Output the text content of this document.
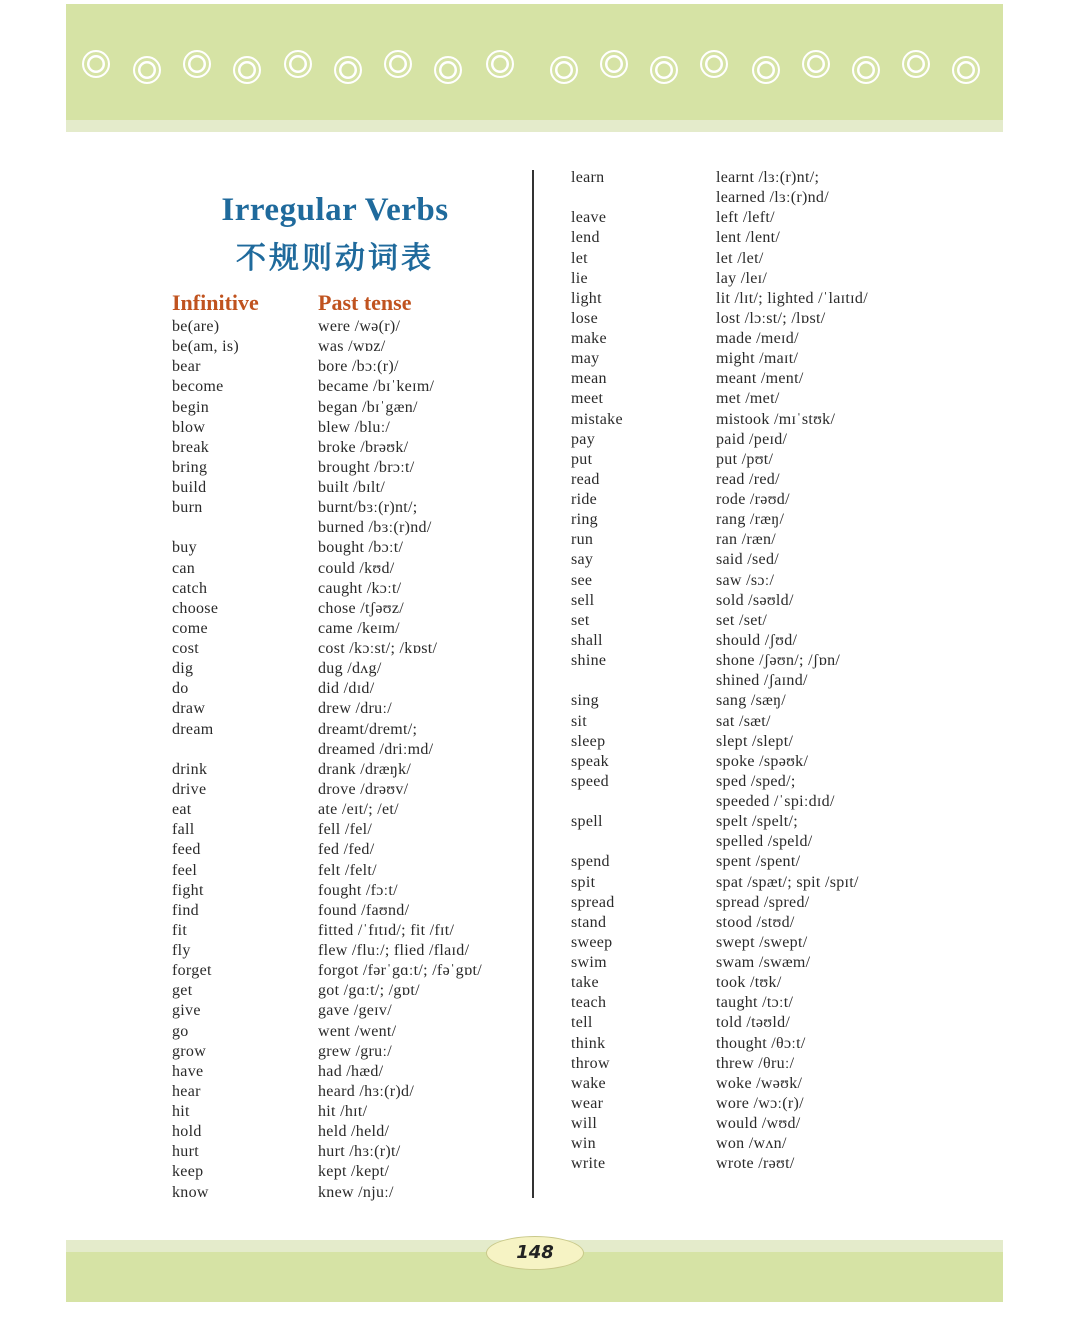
Irregular Verbs
不规则动词表
Infinitive	Past tense
be(are)	were /wə(r)/
be(am, is)	was /wɒz/
bear	bore /bɔː(r)/
become	became /bɪˈkeɪm/
begin	began /bɪˈgæn/
blow	blew /bluː/
break	broke /brəʊk/
bring	brought /brɔːt/
build	built /bɪlt/
burn	burnt/bɜː(r)nt/;
burned /bɜː(r)nd/
buy	bought /bɔːt/
can	could /kʊd/
catch	caught /kɔːt/
choose	chose /tʃəʊz/
come	came /keɪm/
cost	cost /kɔːst/; /kɒst/
dig	dug /dʌg/
do	did /dɪd/
draw	drew /druː/
dream	dreamt/dremt/;
dreamed /driːmd/
drink	drank /dræŋk/
drive	drove /drəʊv/
eat	ate /eɪt/; /et/
fall	fell /fel/
feed	fed /fed/
feel	felt /felt/
fight	fought /fɔːt/
find	found /faʊnd/
fit	fitted /ˈfɪtɪd/; fit /fɪt/
fly	flew /fluː/; flied /flaɪd/
forget	forgot /fərˈgɑːt/; /fəˈgɒt/
get	got /gɑːt/; /gɒt/
give	gave /geɪv/
go	went /went/
grow	grew /gruː/
have	had /hæd/
hear	heard /hɜː(r)d/
hit	hit /hɪt/
hold	held /held/
hurt	hurt /hɜː(r)t/
keep	kept /kept/
know	knew /njuː/
learn	learnt /lɜː(r)nt/;
learned /lɜː(r)nd/
leave	left /left/
lend	lent /lent/
let	let /let/
lie	lay /leɪ/
light	lit /lɪt/; lighted /ˈlaɪtɪd/
lose	lost /lɔːst/; /lɒst/
make	made /meɪd/
may	might /maɪt/
mean	meant /ment/
meet	met /met/
mistake	mistook /mɪˈstʊk/
pay	paid /peɪd/
put	put /pʊt/
read	read /red/
ride	rode /rəʊd/
ring	rang /ræŋ/
run	ran /ræn/
say	said /sed/
see	saw /sɔː/
sell	sold /səʊld/
set	set /set/
shall	should /ʃʊd/
shine	shone /ʃəʊn/; /ʃɒn/
shined /ʃaɪnd/
sing	sang /sæŋ/
sit	sat /sæt/
sleep	slept /slept/
speak	spoke /spəʊk/
speed	sped /sped/;
speeded /ˈspiːdɪd/
spell	spelt /spelt/;
spelled /speld/
spend	spent /spent/
spit	spat /spæt/; spit /spɪt/
spread	spread /spred/
stand	stood /stʊd/
sweep	swept /swept/
swim	swam /swæm/
take	took /tʊk/
teach	taught /tɔːt/
tell	told /təʊld/
think	thought /θɔːt/
throw	threw /θruː/
wake	woke /wəʊk/
wear	wore /wɔː(r)/
will	would /wʊd/
win	won /wʌn/
write	wrote /rəʊt/
148
